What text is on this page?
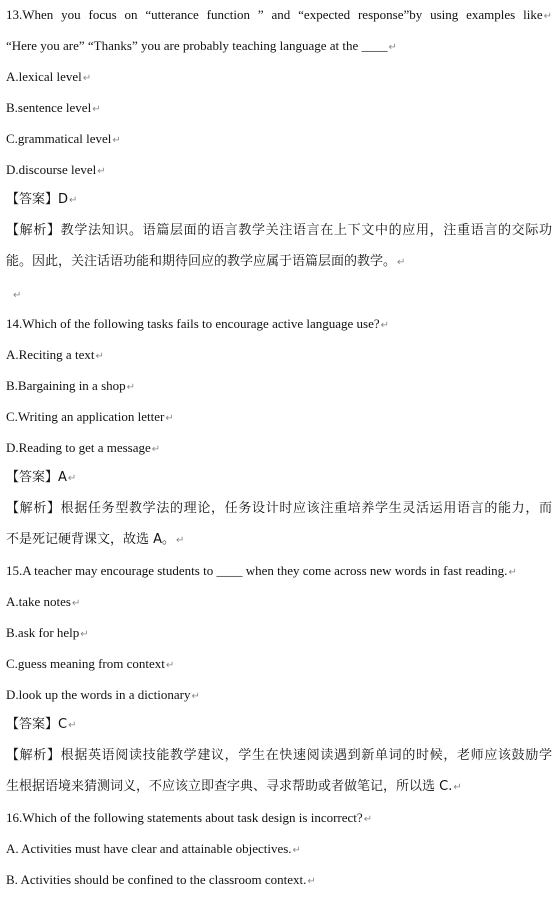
13.When you focus on “utterance function ” and “expected response”by using examples like↵
“Here you are” “Thanks” you are probably teaching language at the ____↵
A.lexical level↵
B.sentence level↵
C.grammatical level↵
D.discourse level↵
【答案】D↵
【解析】教学法知识。语篇层面的语言教学关注语言在上下文中的应用，注重语言的交际功
能。因此，关注话语功能和期待回应的教学应属于语篇层面的教学。↵
↵
14.Which of the following tasks fails to encourage active language use?↵
A.Reciting a text↵
B.Bargaining in a shop↵
C.Writing an application letter↵
D.Reading to get a message↵
【答案】A↵
【解析】根据任务型教学法的理论，任务设计时应该注重培养学生灵活运用语言的能力，而
不是死记硬背课文，故选 A。↵
15.A teacher may encourage students to ____ when they come across new words in fast reading.↵
A.take notes↵
B.ask for help↵
C.guess meaning from context↵
D.look up the words in a dictionary↵
【答案】C↵
【解析】根据英语阅读技能教学建议，学生在快速阅读遇到新单词的时候，老师应该鼓励学
生根据语境来猜测词义，不应该立即查字典、寻求帮助或者做笔记，所以选 C.↵
16.Which of the following statements about task design is incorrect?↵
A. Activities must have clear and attainable objectives.↵
B. Activities should be confined to the classroom context.↵
